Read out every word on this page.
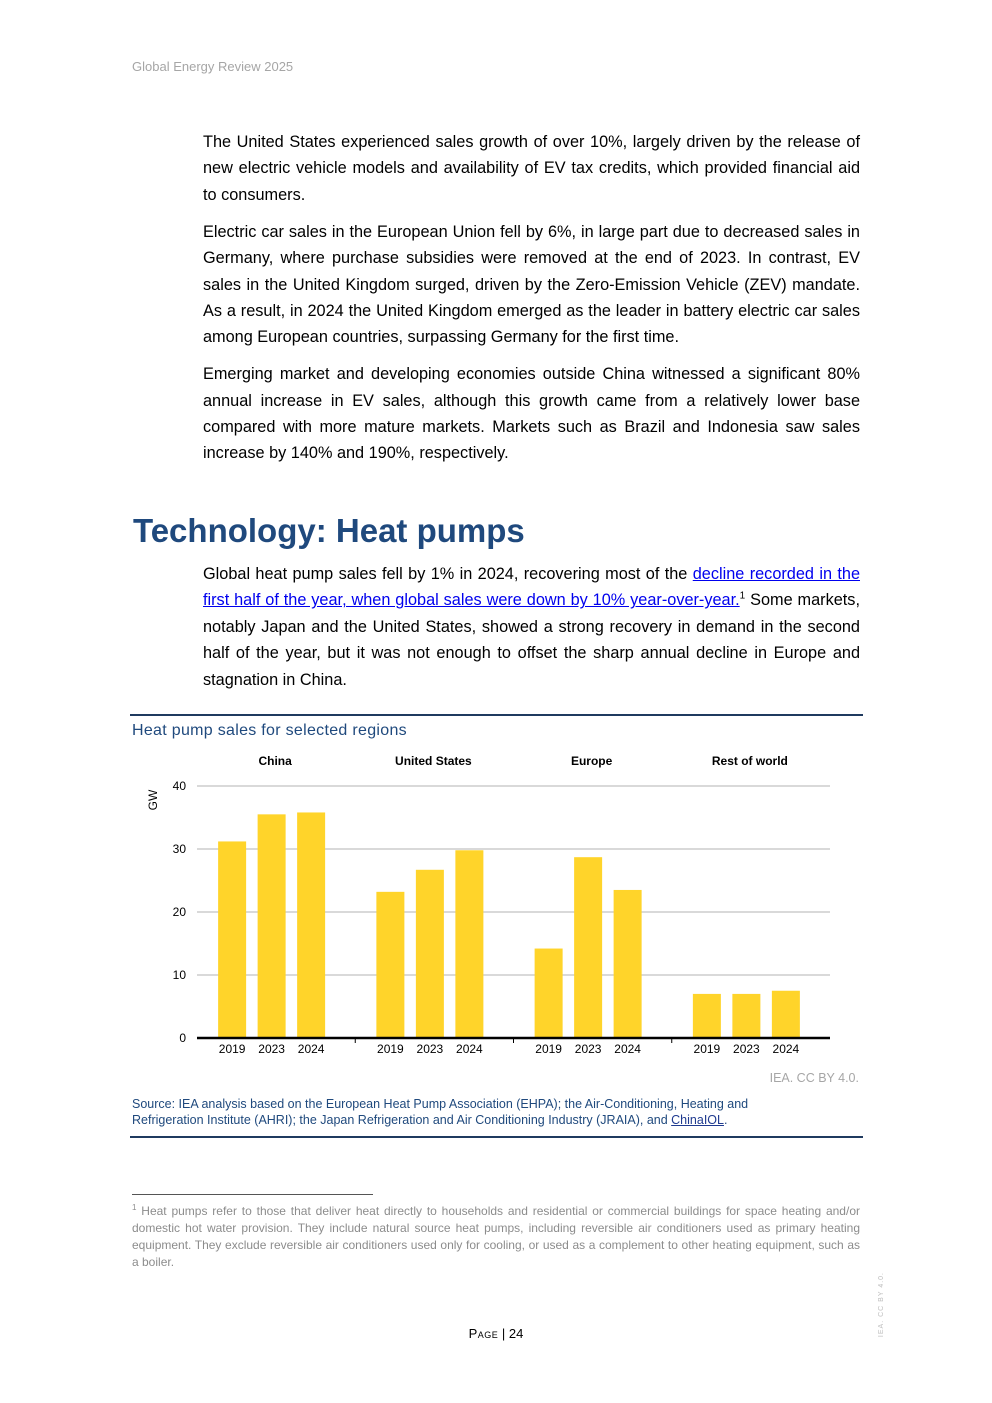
Global Energy Review 2025

The United States experienced sales growth of over 10%, largely driven by the release of new electric vehicle models and availability of EV tax credits, which provided financial aid to consumers.

Electric car sales in the European Union fell by 6%, in large part due to decreased sales in Germany, where purchase subsidies were removed at the end of 2023. In contrast, EV sales in the United Kingdom surged, driven by the Zero-Emission Vehicle (ZEV) mandate. As a result, in 2024 the United Kingdom emerged as the leader in battery electric car sales among European countries, surpassing Germany for the first time.

Emerging market and developing economies outside China witnessed a significant 80% annual increase in EV sales, although this growth came from a relatively lower base compared with more mature markets. Markets such as Brazil and Indonesia saw sales increase by 140% and 190%, respectively.

Technology: Heat pumps

Global heat pump sales fell by 1% in 2024, recovering most of the decline recorded in the first half of the year, when global sales were down by 10% year-over-year.$^1$ Some markets, notably Japan and the United States, showed a strong recovery in demand in the second half of the year, but it was not enough to offset the sharp annual decline in Europe and stagnation in China.

Heat pump sales for selected regions
GW
0
10
20
30
40
China
2019 2023 2024
United States
2019 2023 2024
Europe
2019 2023 2024
Rest of world
2019 2023 2024
IEA. CC BY 4.0.
Source: IEA analysis based on the European Heat Pump Association (EHPA); the Air-Conditioning, Heating and Refrigeration Institute (AHRI); the Japan Refrigeration and Air Conditioning Industry (JRAIA), and ChinaIOL.
$^1$ Heat pumps refer to those that deliver heat directly to households and residential or commercial buildings for space heating and/or domestic hot water provision. They include natural source heat pumps, including reversible air conditioners used as primary heating equipment. They exclude reversible air conditioners used only for cooling, or used as a complement to other heating equipment, such as a boiler.
Page | 24	IEA. CC BY 4.0.
